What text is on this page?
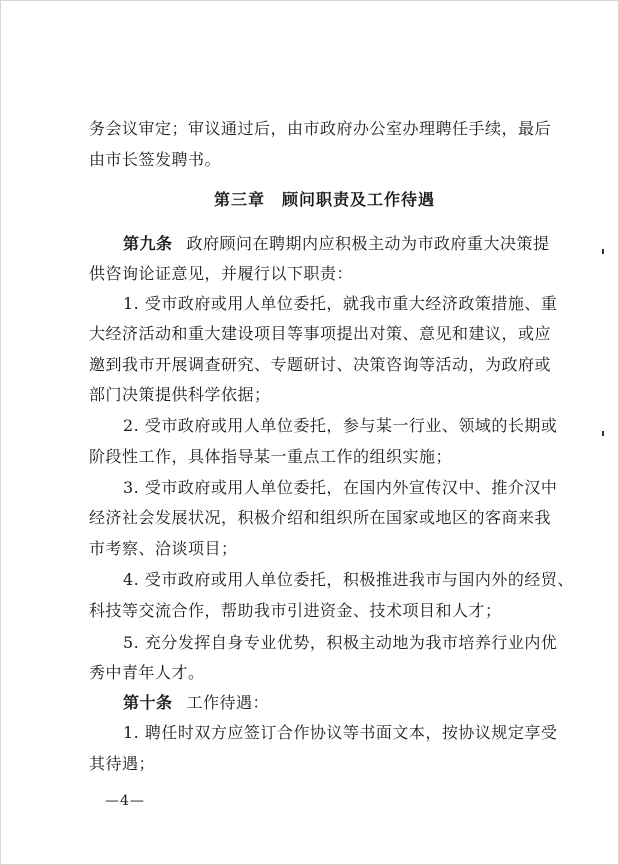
务会议审定；审议通过后，由市政府办公室办理聘任手续，最后
由市长签发聘书。
第三章　顾问职责及工作待遇
第九条 政府顾问在聘期内应积极主动为市政府重大决策提
供咨询论证意见，并履行以下职责：
1. 受市政府或用人单位委托，就我市重大经济政策措施、重
大经济活动和重大建设项目等事项提出对策、意见和建议，或应
邀到我市开展调查研究、专题研讨、决策咨询等活动，为政府或
部门决策提供科学依据；
2. 受市政府或用人单位委托，参与某一行业、领域的长期或
阶段性工作，具体指导某一重点工作的组织实施；
3. 受市政府或用人单位委托，在国内外宣传汉中、推介汉中
经济社会发展状况，积极介绍和组织所在国家或地区的客商来我
市考察、洽谈项目；
4. 受市政府或用人单位委托，积极推进我市与国内外的经贸、
科技等交流合作，帮助我市引进资金、技术项目和人才；
5. 充分发挥自身专业优势，积极主动地为我市培养行业内优
秀中青年人才。
第十条 工作待遇：
1. 聘任时双方应签订合作协议等书面文本，按协议规定享受
其待遇；
—4—
